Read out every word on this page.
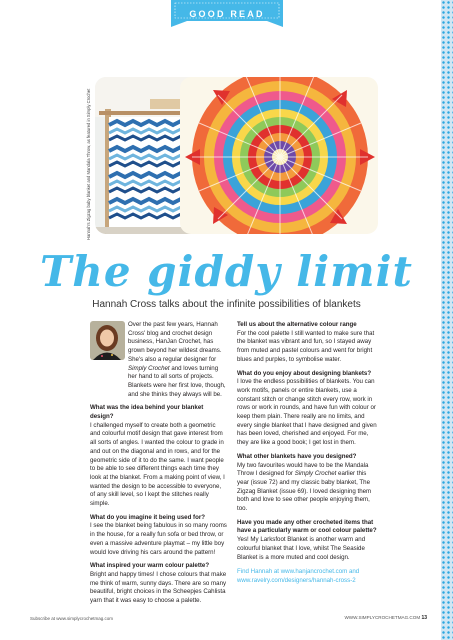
GOOD READ
Hannah's Zigzag baby blanket and Mandala Throw, as featured in Simply Crochet
The giddy limit
Hannah Cross talks about the infinite possibilities of blankets

Over the past few years, Hannah Cross' blog and crochet design business, HanJan Crochet, has grown beyond her wildest dreams. She's also a regular designer for Simply Crochet and loves turning her hand to all sorts of projects. Blankets were her first love, though, and she thinks they always will be.

What was the idea behind your blanket design?

I challenged myself to create both a geometric and colourful motif design that gave interest from all sorts of angles. I wanted the colour to grade in and out on the diagonal and in rows, and for the geometric side of it to do the same. I want people to be able to see different things each time they look at the blanket. From a making point of view, I wanted the design to be accessible to everyone, of any skill level, so I kept the stitches really simple.

What do you imagine it being used for?

I see the blanket being fabulous in so many rooms in the house, for a really fun sofa or bed throw, or even a massive adventure playmat – my little boy would love driving his cars around the pattern!

What inspired your warm colour palette?

Bright and happy times! I chose colours that make me think of warm, sunny days. There are so many beautiful, bright choices in the Scheepjes Cahlista yarn that it was easy to choose a palette.

Tell us about the alternative colour range

For the cool palette I still wanted to make sure that the blanket was vibrant and fun, so I stayed away from muted and pastel colours and went for bright blues and purples, to symbolise water.

What do you enjoy about designing blankets?

I love the endless possibilities of blankets. You can work motifs, panels or entire blankets, use a constant stitch or change stitch every row, work in rows or work in rounds, and have fun with colour or keep them plain. There really are no limits, and every single blanket that I have designed and given has been loved, cherished and enjoyed. For me, they are like a good book; I get lost in them.

What other blankets have you designed?

My two favourites would have to be the Mandala Throw I designed for Simply Crochet earlier this year (issue 72) and my classic baby blanket, The Zigzag Blanket (issue 69). I loved designing them both and love to see other people enjoying them, too.

Have you made any other crocheted items that have a particularly warm or cool colour palette?

Yes! My Larksfoot Blanket is another warm and colourful blanket that I love, whilst The Seaside Blanket is a more muted and cool design.

Find Hannah at www.hanjancrochet.com and
www.ravelry.com/designers/hannah-cross-2
Subscribe at www.simplycrochetmag.com	WWW.SIMPLYCROCHETMAG.COM 13
